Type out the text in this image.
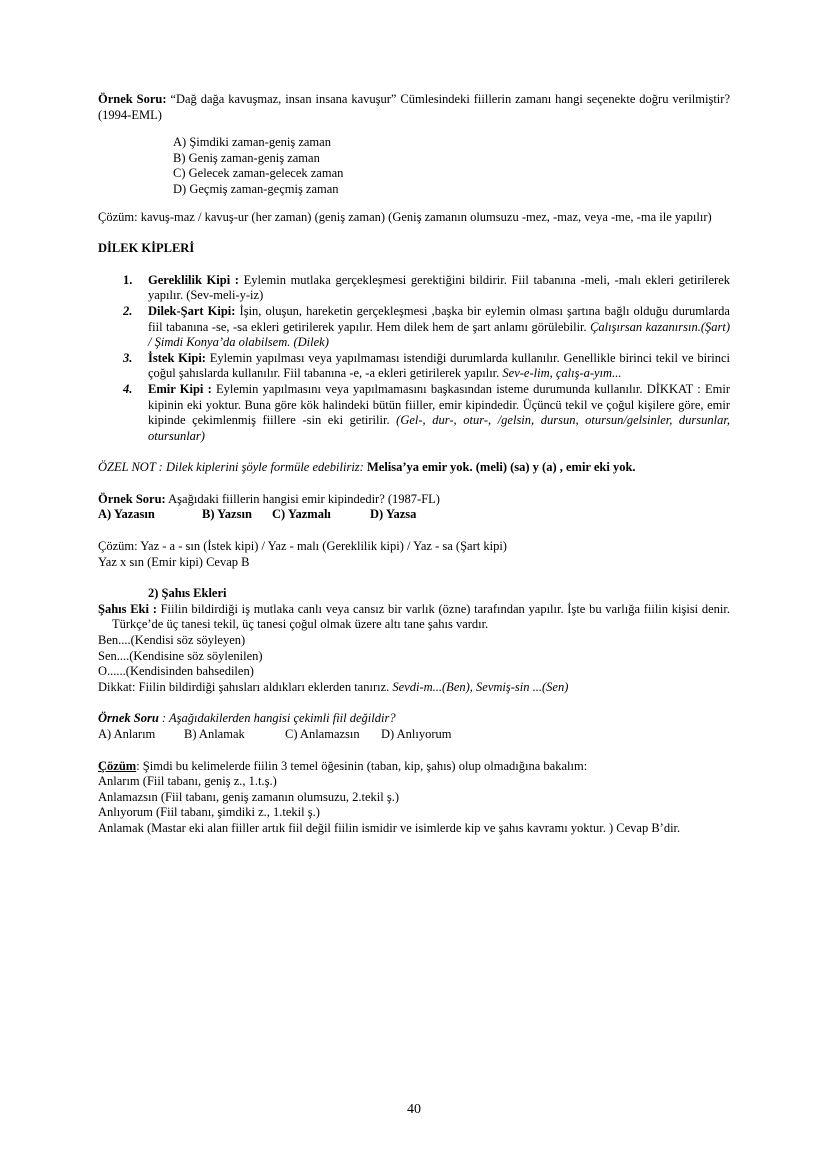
Örnek Soru: “Dağ dağa kavuşmaz, insan insana kavuşur” Cümlesindeki fiillerin zamanı hangi seçenekte doğru verilmiştir? (1994-EML)

A) Şimdiki zaman-geniş zaman
B) Geniş zaman-geniş zaman
C) Gelecek zaman-gelecek zaman
D) Geçmiş zaman-geçmiş zaman

Çözüm: kavuş-maz / kavuş-ur (her zaman) (geniş zaman) (Geniş zamanın olumsuzu -mez, -maz, veya -me, -ma ile yapılır)

DİLEK KİPLERİ

1. Gereklilik Kipi : Eylemin mutlaka gerçekleşmesi gerektiğini bildirir. Fiil tabanına -meli, -malı ekleri getirilerek yapılır. (Sev-meli-y-iz)
2. Dilek-Şart Kipi: İşin, oluşun, hareketin gerçekleşmesi ,başka bir eylemin olması şartına bağlı olduğu durumlarda fiil tabanına -se, -sa ekleri getirilerek yapılır. Hem dilek hem de şart anlamı görülebilir. Çalışırsan kazanırsın.(Şart) / Şimdi Konya’da olabilsem. (Dilek)
3. İstek Kipi: Eylemin yapılması veya yapılmaması istendiği durumlarda kullanılır. Genellikle birinci tekil ve birinci çoğul şahıslarda kullanılır. Fiil tabanına -e, -a ekleri getirilerek yapılır. Sev-e-lim, çalış-a-yım...
4. Emir Kipi : Eylemin yapılmasını veya yapılmamasını başkasından isteme durumunda kullanılır. DİKKAT : Emir kipinin eki yoktur. Buna göre kök halindeki bütün fiiller, emir kipindedir. Üçüncü tekil ve çoğul kişilere göre, emir kipinde çekimlenmiş fiillere -sin eki getirilir. (Gel-, dur-, otur-, /gelsin, dursun, otursun/gelsinler, dursunlar, otursunlar)

ÖZEL NOT : Dilek kiplerini şöyle formüle edebiliriz: Melisa’ya emir yok. (meli) (sa) y (a) , emir eki yok.

Örnek Soru: Aşağıdaki fiillerin hangisi emir kipindedir? (1987-FL)

A) Yazasın	B) Yazsın C) Yazmalı	D) Yazsa

Çözüm: Yaz - a - sın (İstek kipi) / Yaz - malı (Gereklilik kipi) / Yaz - sa (Şart kipi)

Yaz x sın (Emir kipi) Cevap B

2) Şahıs Ekleri

Şahıs Eki : Fiilin bildirdiği iş mutlaka canlı veya cansız bir varlık (özne) tarafından yapılır. İşte bu varlığa fiilin kişisi denir. Türkçe’de üç tanesi tekil, üç tanesi çoğul olmak üzere altı tane şahıs vardır.

Ben....(Kendisi söz söyleyen)

Sen....(Kendisine söz söylenilen)

O......(Kendisinden bahsedilen)

Dikkat: Fiilin bildirdiği şahısları aldıkları eklerden tanırız. Sevdi-m...(Ben), Sevmiş-sin ...(Sen)

Örnek Soru : Aşağıdakilerden hangisi çekimli fiil değildir?

A) Anlarım B) Anlamak	C) Anlamazsın D) Anlıyorum

Çözüm: Şimdi bu kelimelerde fiilin 3 temel öğesinin (taban, kip, şahıs) olup olmadığına bakalım:

Anlarım (Fiil tabanı, geniş z., 1.t.ş.)

Anlamazsın (Fiil tabanı, geniş zamanın olumsuzu, 2.tekil ş.)

Anlıyorum (Fiil tabanı, şimdiki z., 1.tekil ş.)

Anlamak (Mastar eki alan fiiller artık fiil değil fiilin ismidir ve isimlerde kip ve şahıs kavramı yoktur. ) Cevap B’dir.

40
